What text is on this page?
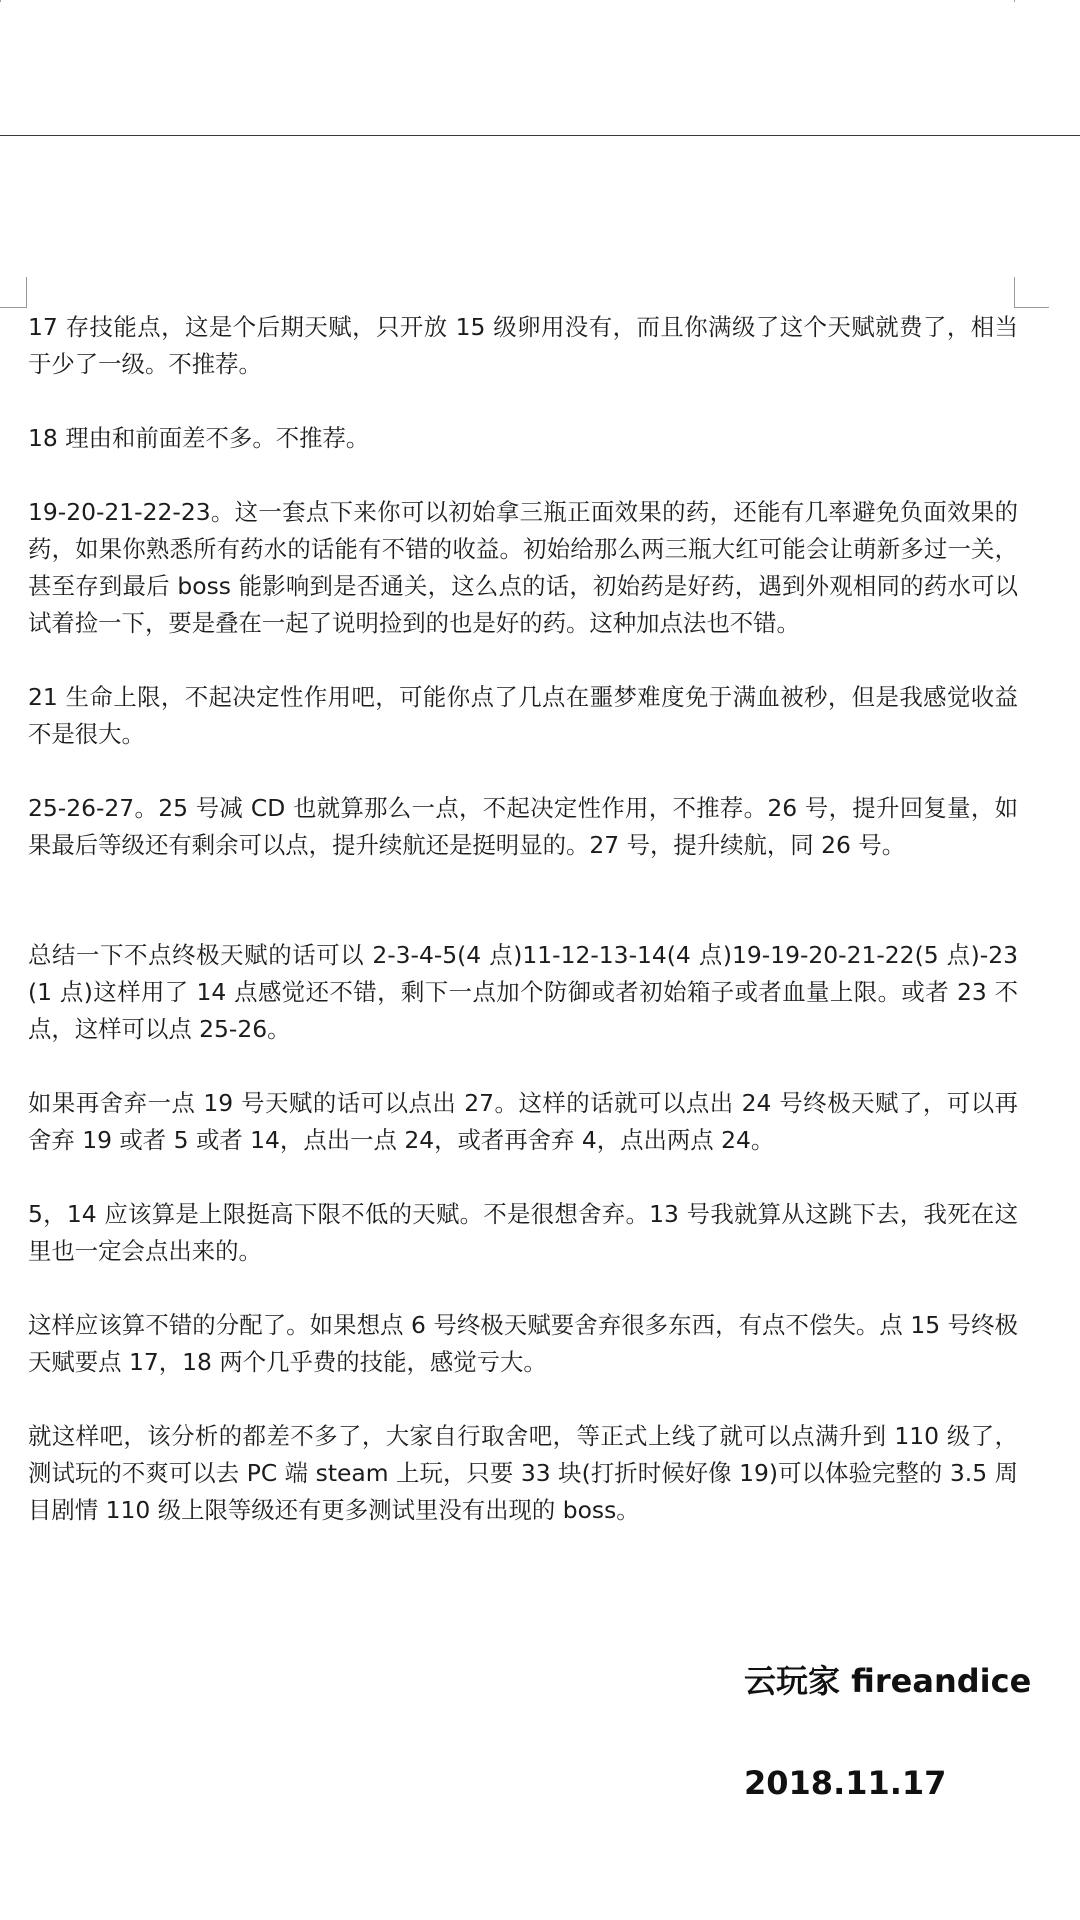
17 存技能点，这是个后期天赋，只开放 15 级卵用没有，而且你满级了这个天赋就费了，相当于少了一级。不推荐。

18 理由和前面差不多。不推荐。

19-20-21-22-23。这一套点下来你可以初始拿三瓶正面效果的药，还能有几率避免负面效果的药，如果你熟悉所有药水的话能有不错的收益。初始给那么两三瓶大红可能会让萌新多过一关，甚至存到最后 boss 能影响到是否通关，这么点的话，初始药是好药，遇到外观相同的药水可以试着捡一下，要是叠在一起了说明捡到的也是好的药。这种加点法也不错。

21 生命上限，不起决定性作用吧，可能你点了几点在噩梦难度免于满血被秒，但是我感觉收益不是很大。

25-26-27。25 号减 CD 也就算那么一点，不起决定性作用，不推荐。26 号，提升回复量，如果最后等级还有剩余可以点，提升续航还是挺明显的。27 号，提升续航，同 26 号。

总结一下不点终极天赋的话可以 2-3-4-5(4 点)11-12-13-14(4 点)19-19-20-21-22(5 点)-23(1 点)这样用了 14 点感觉还不错，剩下一点加个防御或者初始箱子或者血量上限。或者 23 不点，这样可以点 25-26。

如果再舍弃一点 19 号天赋的话可以点出 27。这样的话就可以点出 24 号终极天赋了，可以再舍弃 19 或者 5 或者 14，点出一点 24，或者再舍弃 4，点出两点 24。

5，14 应该算是上限挺高下限不低的天赋。不是很想舍弃。13 号我就算从这跳下去，我死在这里也一定会点出来的。

这样应该算不错的分配了。如果想点 6 号终极天赋要舍弃很多东西，有点不偿失。点 15 号终极天赋要点 17，18 两个几乎费的技能，感觉亏大。

就这样吧，该分析的都差不多了，大家自行取舍吧，等正式上线了就可以点满升到 110 级了，测试玩的不爽可以去 PC 端 steam 上玩，只要 33 块(打折时候好像 19)可以体验完整的 3.5 周目剧情 110 级上限等级还有更多测试里没有出现的 boss。

云玩家 fireandice
2018.11.17
